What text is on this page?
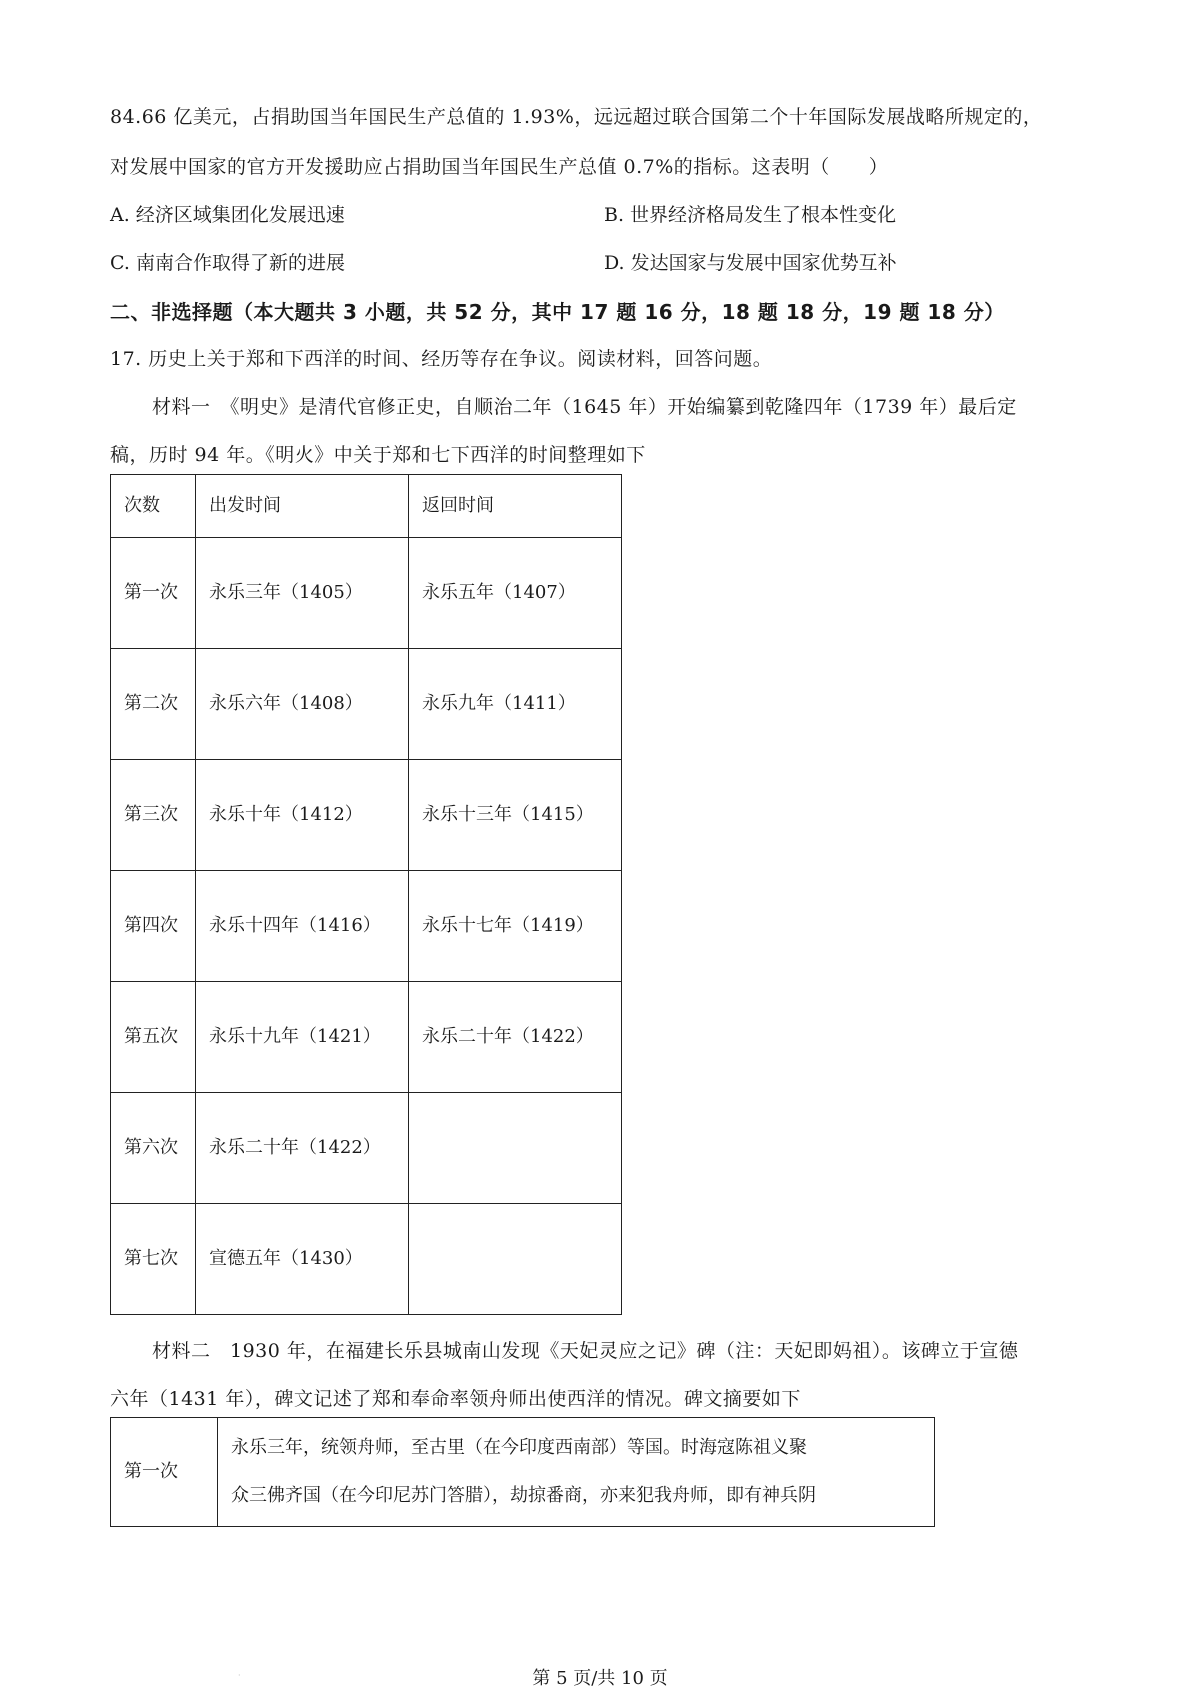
84.66 亿美元，占捐助国当年国民生产总值的 1.93%，远远超过联合国第二个十年国际发展战略所规定的，
对发展中国家的官方开发援助应占捐助国当年国民生产总值 0.7%的指标。这表明（　　）
A. 经济区域集团化发展迅速	B. 世界经济格局发生了根本性变化
C. 南南合作取得了新的进展	D. 发达国家与发展中国家优势互补
二、非选择题（本大题共 3 小题，共 52 分，其中 17 题 16 分，18 题 18 分，19 题 18 分）
17. 历史上关于郑和下西洋的时间、经历等存在争议。阅读材料，回答问题。
材料一　《明史》是清代官修正史，自顺治二年（1645 年）开始编纂到乾隆四年（1739 年）最后定
稿，历时 94 年。《明火》中关于郑和七下西洋的时间整理如下
次数	出发时间	返回时间
第一次	永乐三年（1405）	永乐五年（1407）
第二次	永乐六年（1408）	永乐九年（1411）
第三次	永乐十年（1412）	永乐十三年（1415）
第四次	永乐十四年（1416）	永乐十七年（1419）
第五次	永乐十九年（1421）	永乐二十年（1422）
第六次	永乐二十年（1422）	
第七次	宣德五年（1430）	
材料二　1930 年，在福建长乐县城南山发现《天妃灵应之记》碑（注：天妃即妈祖）。该碑立于宣德
六年（1431 年），碑文记述了郑和奉命率领舟师出使西洋的情况。碑文摘要如下
第一次	
永乐三年，统领舟师，至古里（在今印度西南部）等国。时海寇陈祖义聚
众三佛齐国（在今印尼苏门答腊），劫掠番商，亦来犯我舟师，即有神兵阴
·	第 5 页/共 10 页
